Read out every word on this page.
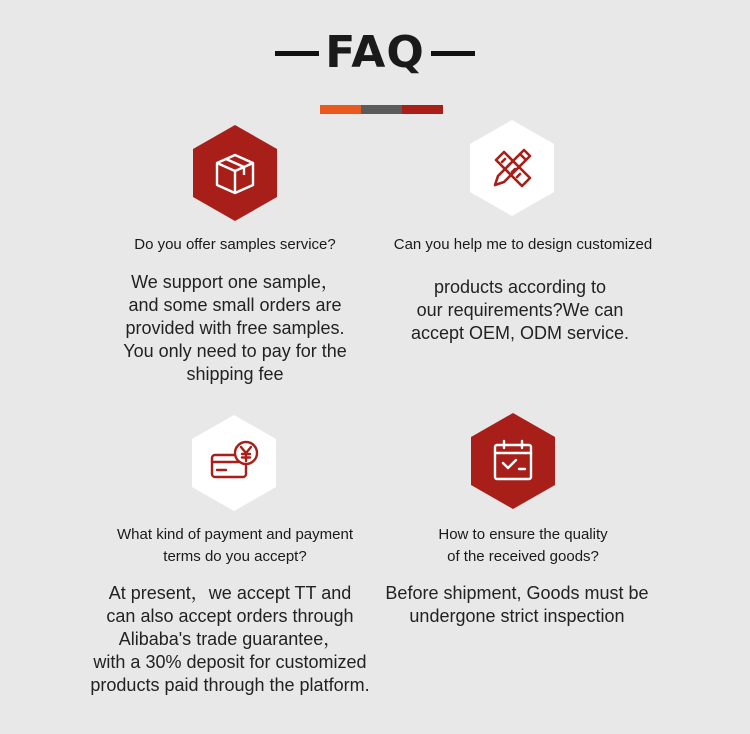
FAQ
Do you offer samples service?
We support one sample，
and some small orders are
provided with free samples.
You only need to pay for the
shipping fee
Can you help me to design customized
products according to
our requirements?We can
accept OEM, ODM service.
What kind of payment and payment
terms do you accept?
At present，we accept TT and
can also accept orders through
Alibaba's trade guarantee，
with a 30% deposit for customized
products paid through the platform.
How to ensure the quality
of the received goods?
Before shipment, Goods must be
undergone strict inspection
